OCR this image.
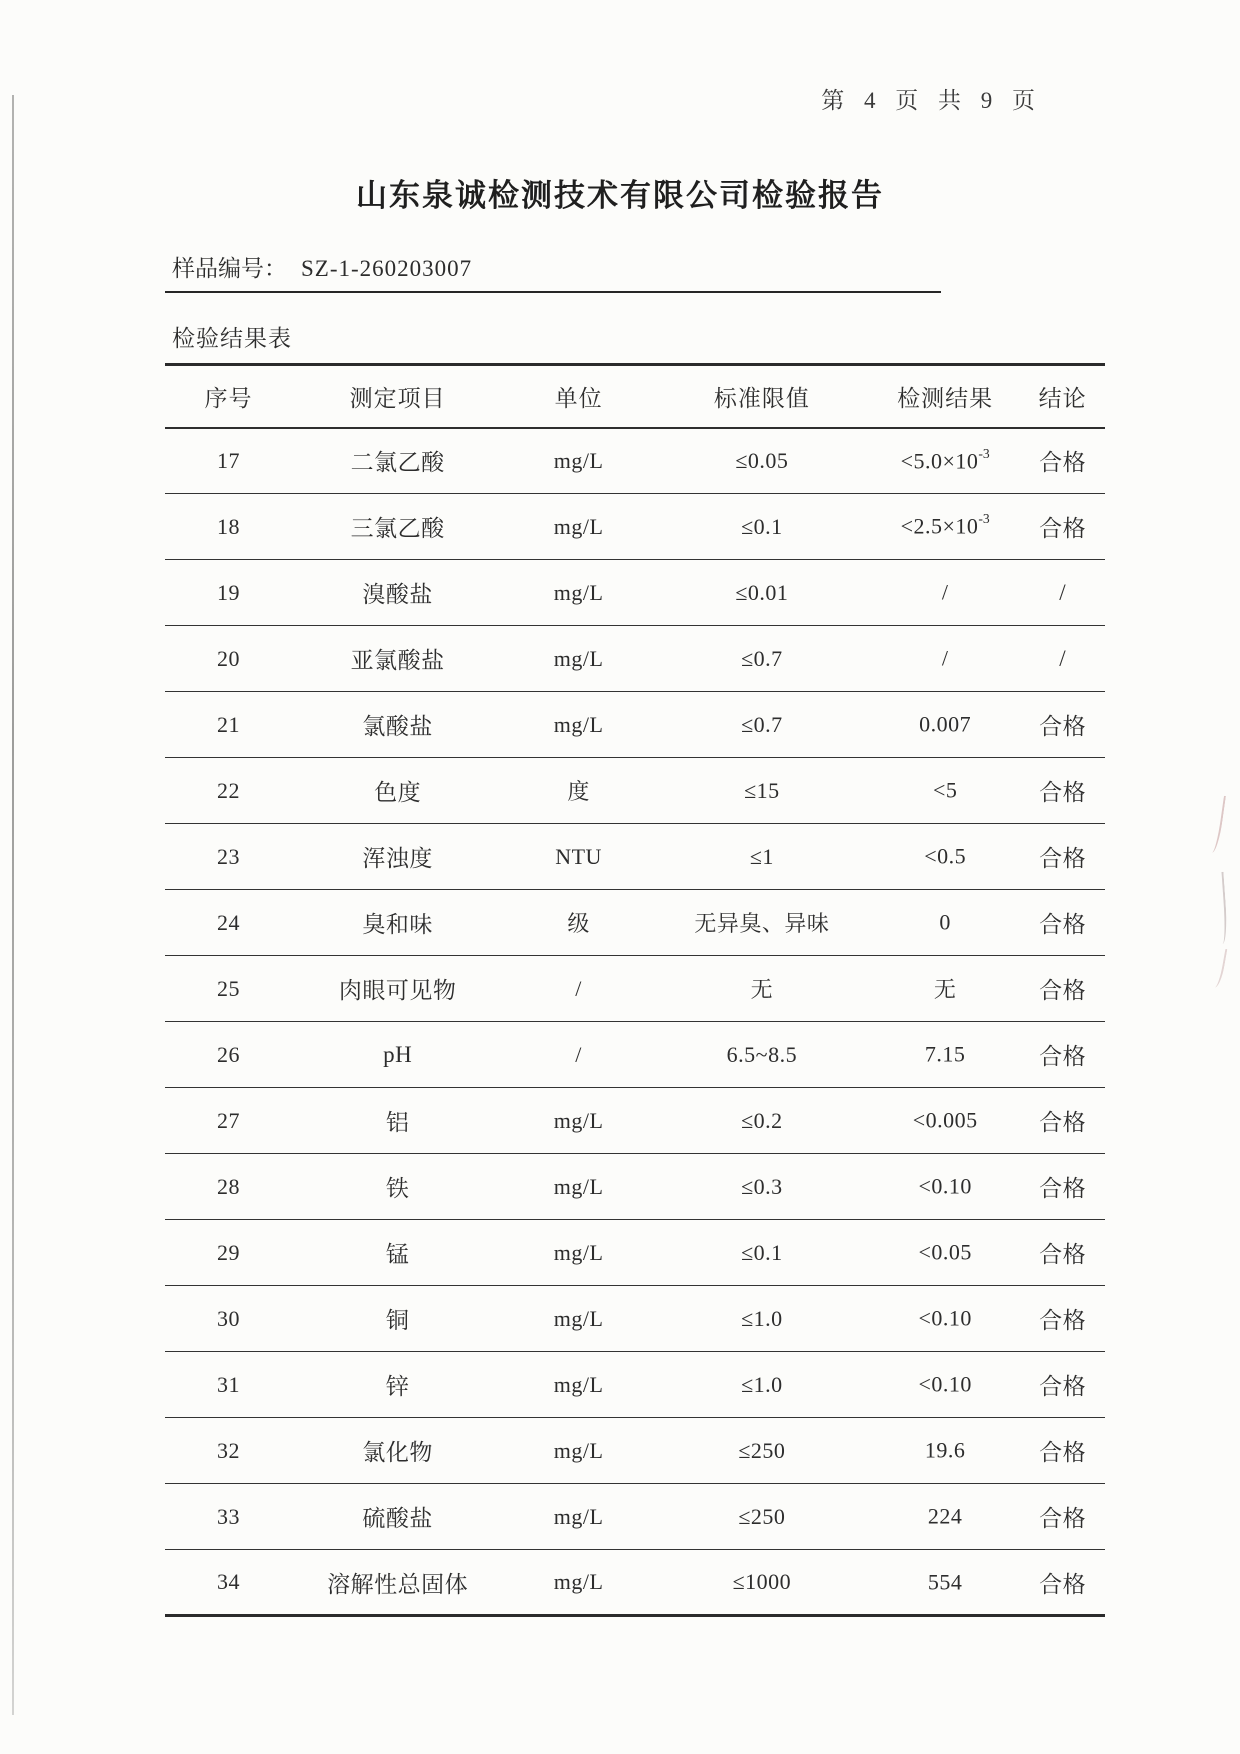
第 4 页 共 9 页
山东泉诚检测技术有限公司检验报告
样品编号： SZ-1-260203007
检验结果表
序号	测定项目	单位	标准限值	检测结果	结论
17	二氯乙酸	mg/L	≤0.05	$<5.0\times 10^{-3}$	合格
18	三氯乙酸	mg/L	≤0.1	$<2.5\times 10^{-3}$	合格
19	溴酸盐	mg/L	≤0.01	/	/
20	亚氯酸盐	mg/L	≤0.7	/	/
21	氯酸盐	mg/L	≤0.7	0.007	合格
22	色度	度	≤15	<5	合格
23	浑浊度	NTU	≤1	<0.5	合格
24	臭和味	级	无异臭、异味	0	合格
25	肉眼可见物	/	无	无	合格
26	pH	/	6.5~8.5	7.15	合格
27	铝	mg/L	≤0.2	<0.005	合格
28	铁	mg/L	≤0.3	<0.10	合格
29	锰	mg/L	≤0.1	<0.05	合格
30	铜	mg/L	≤1.0	<0.10	合格
31	锌	mg/L	≤1.0	<0.10	合格
32	氯化物	mg/L	≤250	19.6	合格
33	硫酸盐	mg/L	≤250	224	合格
34	溶解性总固体	mg/L	≤1000	554	合格
